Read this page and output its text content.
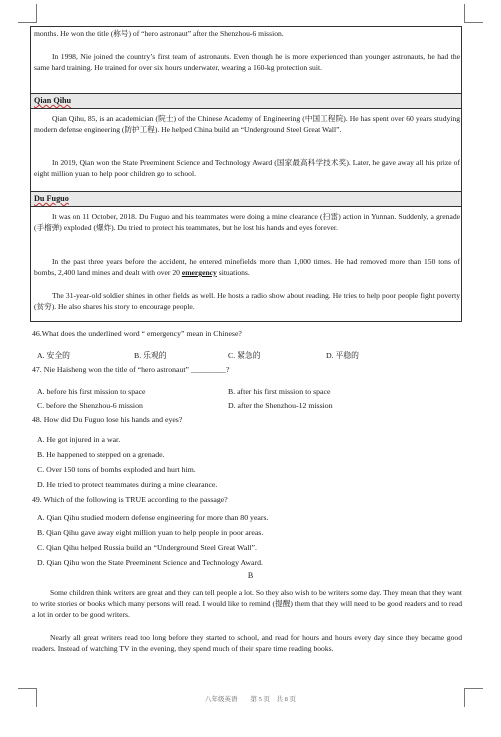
months. He won the title (称号) of “hero astronaut” after the Shenzhou-6 mission.
In 1998, Nie joined the country’s first team of astronauts. Even though he is more experienced than younger astronauts, he had the same hard training. He trained for over six hours underwater, wearing a 160-kg protection suit.
Qian Qihu
Qian Qihu, 85, is an academician (院士) of the Chinese Academy of Engineering (中国工程院). He has spent over 60 years studying modern defense engineering (防护工程). He helped China build an “Underground Steel Great Wall”.
In 2019, Qian won the State Preeminent Science and Technology Award (国家最高科学技术奖). Later, he gave away all his prize of eight million yuan to help poor children go to school.
Du Fuguo
It was on 11 October, 2018. Du Fuguo and his teammates were doing a mine clearance (扫雷) action in Yunnan. Suddenly, a grenade (手榴弹) exploded (爆炸). Du tried to protect his teammates, but he lost his hands and eyes forever.
In the past three years before the accident, he entered minefields more than 1,000 times. He had removed more than 150 tons of bombs, 2,400 land mines and dealt with over 20 emergency situations.
The 31-year-old soldier shines in other fields as well. He hosts a radio show about reading. He tries to help poor people fight poverty (贫穷). He also shares his story to encourage people.
46.What does the underlined word “ emergency” mean in Chinese?
A. 安全的	B. 乐观的	C. 紧急的	D. 平稳的
47. Nie Haisheng won the title of “hero astronaut” _________?
A. before his first mission to space	B. after his first mission to space
C. before the Shenzhou-6 mission	D. after the Shenzhou-12 mission
48. How did Du Fuguo lose his hands and eyes?
A. He got injured in a war.
B. He happened to stepped on a grenade.
C. Over 150 tons of bombs exploded and hurt him.
D. He tried to protect teammates during a mine clearance.
49. Which of the following is TRUE according to the passage?
A. Qian Qihu studied modern defense engineering for more than 80 years.
B. Qian Qihu gave away eight million yuan to help people in poor areas.
C. Qian Qihu helped Russia build an “Underground Steel Great Wall”.
D. Qian Qihu won the State Preeminent Science and Technology Award.
B
Some children think writers are great and they can tell people a lot. So they also wish to be writers some day. They mean that they want to write stories or books which many persons will read. I would like to remind (提醒) them that they will need to be good readers and to read a lot in order to be good writers.
Nearly all great writers read too long before they started to school, and read for hours and hours every day since they became good readers. Instead of watching TV in the evening, they spend much of their spare time reading books.
八年级英语　　第 5 页　共 8 页
